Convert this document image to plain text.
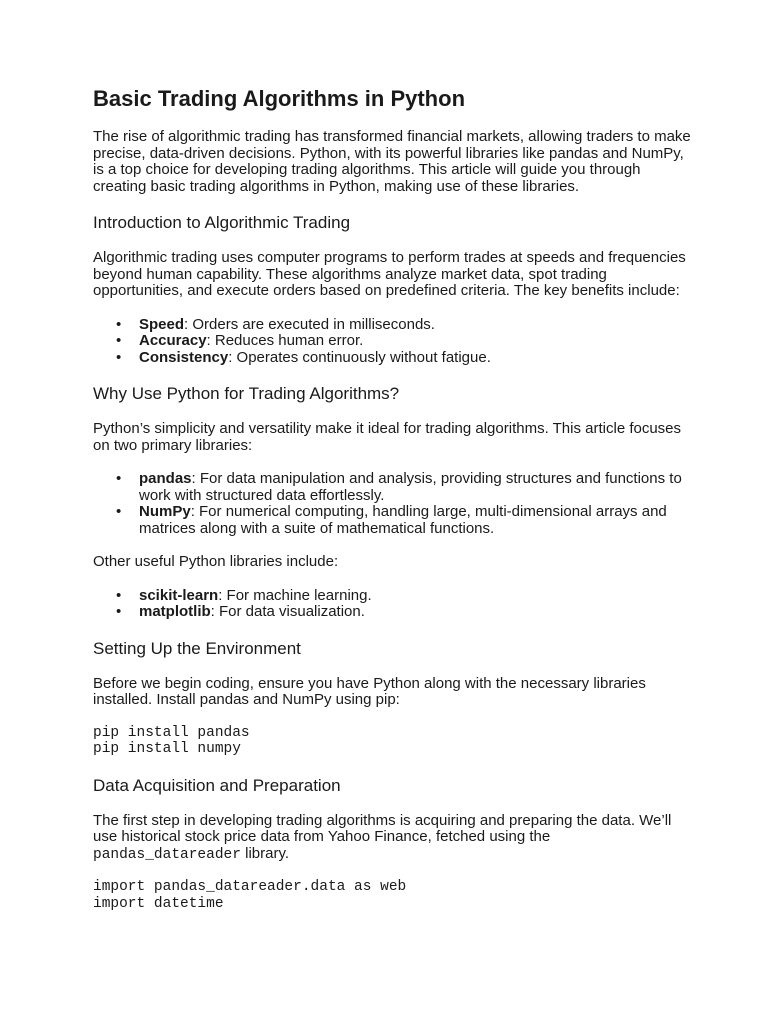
Basic Trading Algorithms in Python

The rise of algorithmic trading has transformed financial markets, allowing traders to make precise, data-driven decisions. Python, with its powerful libraries like pandas and NumPy, is a top choice for developing trading algorithms. This article will guide you through creating basic trading algorithms in Python, making use of these libraries.

Introduction to Algorithmic Trading

Algorithmic trading uses computer programs to perform trades at speeds and frequencies beyond human capability. These algorithms analyze market data, spot trading opportunities, and execute orders based on predefined criteria. The key benefits include:

• Speed: Orders are executed in milliseconds.
• Accuracy: Reduces human error.
• Consistency: Operates continuously without fatigue.
Why Use Python for Trading Algorithms?

Python’s simplicity and versatility make it ideal for trading algorithms. This article focuses on two primary libraries:

• pandas: For data manipulation and analysis, providing structures and functions to work with structured data effortlessly.
• NumPy: For numerical computing, handling large, multi-dimensional arrays and matrices along with a suite of mathematical functions.

Other useful Python libraries include:

• scikit-learn: For machine learning.
• matplotlib: For data visualization.
Setting Up the Environment

Before we begin coding, ensure you have Python along with the necessary libraries installed. Install pandas and NumPy using pip:

pip install pandas
pip install numpy
Data Acquisition and Preparation

The first step in developing trading algorithms is acquiring and preparing the data. We’ll use historical stock price data from Yahoo Finance, fetched using the pandas_datareader library.

import pandas_datareader.data as web
import datetime
